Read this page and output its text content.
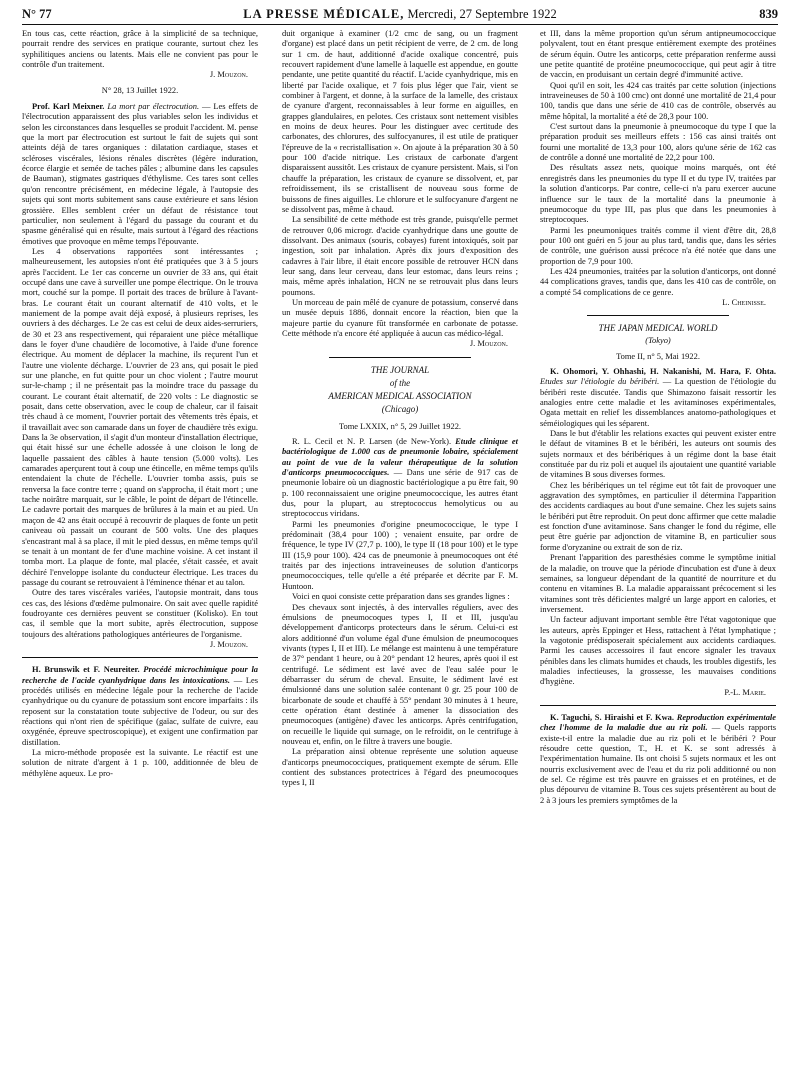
N° 77	LA PRESSE MÉDICALE, Mercredi, 27 Septembre 1922	839

En tous cas, cette réaction, grâce à la simplicité de sa technique, pourrait rendre des services en pratique courante, surtout chez les syphilitiques anciens ou latents. Mais elle ne convient pas pour le contrôle d'un traitement.

J. Mouzon.

N° 28, 13 Juillet 1922.

Prof. Karl Meixner. La mort par électrocution. — Les effets de l'électrocution apparaissent des plus variables selon les individus et selon les circonstances dans lesquelles se produit l'accident. M. pense que la mort par électrocution est surtout le fait de sujets qui sont atteints déjà de tares organiques : dilatation cardiaque, stases et scléroses viscérales, lésions rénales discrètes (légère induration, écorce élargie et semée de taches pâles ; albumine dans les capsules de Bauman), stigmates gastriques d'éthylisme. Ces tares sont celles qu'on rencontre précisément, en médecine légale, à l'autopsie des sujets qui sont morts subitement sans cause extérieure et sans lésion grossière. Elles semblent créer un défaut de résistance tout particulier, non seulement à l'égard du passage du courant et du spasme généralisé qui en résulte, mais surtout à l'égard des réactions émotives que provoque en même temps l'épouvante.

Les 4 observations rapportées sont intéressantes ; malheureusement, les autopsies n'ont été pratiquées que 3 à 5 jours après l'accident. Le 1er cas concerne un ouvrier de 33 ans, qui était occupé dans une cave à surveiller une pompe électrique. On le trouva mort, couché sur la pompe. Il portait des traces de brûlure à l'avant-bras. Le courant était un courant alternatif de 410 volts, et le maniement de la pompe avait déjà exposé, à plusieurs reprises, les ouvriers à des décharges. Le 2e cas est celui de deux aides-serruriers, de 30 et 23 ans respectivement, qui réparaient une pièce métallique dans le foyer d'une chaudière de locomotive, à l'aide d'une forence électrique. Au moment de déplacer la machine, ils reçurent l'un et l'autre une violente décharge. L'ouvrier de 23 ans, qui posait le pied sur une planche, en fut quitte pour un choc violent ; l'autre mourut sur-le-champ ; il ne présentait pas la moindre trace du passage du courant. Le courant était alternatif, de 220 volts : Le diagnostic se posait, dans cette observation, avec le coup de chaleur, car il faisait très chaud à ce moment, l'ouvrier portait des vêtements très épais, et il travaillait avec son camarade dans un foyer de chaudière très exigu. Dans la 3e observation, il s'agit d'un monteur d'installation électrique, qui était hissé sur une échelle adossée à une cloison le long de laquelle passaient des câbles à haute tension (5.000 volts). Les camarades aperçurent tout à coup une étincelle, en même temps qu'ils entendaient la chute de l'échelle. L'ouvrier tomba assis, puis se renversa la face contre terre ; quand on s'approcha, il était mort ; une tache noirâtre marquait, sur le câble, le point de départ de l'étincelle. Le cadavre portait des marques de brûlures à la main et au pied. Un maçon de 42 ans était occupé à recouvrir de plaques de fonte un petit caniveau où passait un courant de 500 volts. Une des plaques s'encastrant mal à sa place, il mit le pied dessus, en même temps qu'il se tenait à un montant de fer d'une machine voisine. A cet instant il tomba mort. La plaque de fonte, mal placée, s'était cassée, et avait déchiré l'enveloppe isolante du conducteur électrique. Les traces du passage du courant se retrouvaient à l'éminence thénar et au talon.

Outre des tares viscérales variées, l'autopsie montrait, dans tous ces cas, des lésions d'œdème pulmonaire. On sait avec quelle rapidité foudroyante ces dernières peuvent se constituer (Kolisko). En tout cas, il semble que la mort subite, après électrocution, suppose toujours des altérations pathologiques antérieures de l'organisme.

J. Mouzon.

H. Brunswik et F. Neureiter. Procédé microchimique pour la recherche de l'acide cyanhydrique dans les intoxications. — Les procédés utilisés en médecine légale pour la recherche de l'acide cyanhydrique ou du cyanure de potassium sont encore imparfaits : ils reposent sur la constatation toute subjective de l'odeur, ou sur des réactions qui n'ont rien de spécifique (gaïac, sulfate de cuivre, eau oxygénée, épreuve spectroscopique), et exigent une confirmation par distillation.

La micro-méthode proposée est la suivante. Le réactif est une solution de nitrate d'argent à 1 p. 100, additionnée de bleu de méthylène aqueux. Le pro-

duit organique à examiner (1/2 cmc de sang, ou un fragment d'organe) est placé dans un petit récipient de verre, de 2 cm. de long sur 1 cm. de haut, additionné d'acide oxalique concentré, puis recouvert rapidement d'une lamelle à laquelle est appendue, en goutte pendante, une petite quantité du réactif. L'acide cyanhydrique, mis en liberté par l'acide oxalique, et 7 fois plus léger que l'air, vient se combiner à l'argent, et donne, à la surface de la lamelle, des cristaux de cyanure d'argent, reconnaissables à leur forme en aiguilles, en grappes glandulaires, en pelotes. Ces cristaux sont nettement visibles en moins de deux heures. Pour les distinguer avec certitude des carbonates, des chlorures, des sulfocyanures, il est utile de pratiquer l'épreuve de la « recristallisation ». On ajoute à la préparation 30 à 50 pour 100 d'acide nitrique. Les cristaux de carbonate d'argent disparaissent aussitôt. Les cristaux de cyanure persistent. Mais, si l'on chauffe la préparation, les cristaux de cyanure se dissolvent, et, par refroidissement, ils se cristallisent de nouveau sous forme de buissons de fines aiguilles. Le chlorure et le sulfocyanure d'argent ne se dissolvent pas, même à chaud.

La sensibilité de cette méthode est très grande, puisqu'elle permet de retrouver 0,06 microgr. d'acide cyanhydrique dans une goutte de dissolvant. Des animaux (souris, cobayes) furent intoxiqués, soit par ingestion, soit par inhalation. Après dix jours d'exposition des cadavres à l'air libre, il était encore possible de retrouver HCN dans leur sang, dans leur cerveau, dans leur estomac, dans leurs reins ; mais, même après inhalation, HCN ne se retrouvait plus dans leurs poumons.

Un morceau de pain mêlé de cyanure de potassium, conservé dans un musée depuis 1886, donnait encore la réaction, bien que la majeure partie du cyanure fût transformée en carbonate de potasse. Cette méthode n'a encore été appliquée à aucun cas médico-légal.

J. Mouzon.

THE JOURNAL
of the
AMERICAN MEDICAL ASSOCIATION
(Chicago)

Tome LXXIX, n° 5, 29 Juillet 1922.

R. L. Cecil et N. P. Larsen (de New-York). Etude clinique et bactériologique de 1.000 cas de pneumonie lobaire, spécialement au point de vue de la valeur thérapeutique de la solution d'anticorps pneumococciques. — Dans une série de 917 cas de pneumonie lobaire où un diagnostic bactériologique a pu être fait, 90 p. 100 reconnaissaient une origine pneumococcique, les autres étant dus, pour la plupart, au streptococcus hemolyticus ou au streptococcus viridans.

Parmi les pneumonies d'origine pneumococcique, le type I prédominait (38,4 pour 100) ; venaient ensuite, par ordre de fréquence, le type IV (27,7 p. 100), le type II (18 pour 100) et le type III (15,9 pour 100). 424 cas de pneumonie à pneumocoques ont été traités par des injections intraveineuses de solution d'anticorps pneumococciques, telle qu'elle a été préparée et décrite par F. M. Huntoon.

Voici en quoi consiste cette préparation dans ses grandes lignes :

Des chevaux sont injectés, à des intervalles réguliers, avec des émulsions de pneumocoques types I, II et III, jusqu'au développement d'anticorps protecteurs dans le sérum. Celui-ci est alors additionné d'un volume égal d'une émulsion de pneumocoques vivants (types I, II et III). Le mélange est maintenu à une température de 37° pendant 1 heure, ou à 20° pendant 12 heures, après quoi il est centrifugé. Le sédiment est lavé avec de l'eau salée pour le débarrasser du sérum de cheval. Ensuite, le sédiment lavé est émulsionné dans une solution salée contenant 0 gr. 25 pour 100 de bicarbonate de soude et chauffé à 55° pendant 30 minutes à 1 heure, cette opération étant destinée à amener la dissociation des pneumocoques (antigène) d'avec les anticorps. Après centrifugation, on recueille le liquide qui surnage, on le refroidit, on le centrifuge à nouveau et, enfin, on le filtre à travers une bougie.

La préparation ainsi obtenue représente une solution aqueuse d'anticorps pneumococciques, pratiquement exempte de sérum. Elle contient des substances protectrices à l'égard des pneumocoques types I, II

et III, dans la même proportion qu'un sérum antipneumococcique polyvalent, tout en étant presque entièrement exempte des protéines de sérum équin. Outre les anticorps, cette préparation renferme aussi une petite quantité de protéine pneumococcique, qui peut agir à titre de vaccin, en produisant un certain degré d'immunité active.

Quoi qu'il en soit, les 424 cas traités par cette solution (injections intraveineuses de 50 à 100 cmc) ont donné une mortalité de 21,4 pour 100, tandis que dans une série de 410 cas de contrôle, observés au même hôpital, la mortalité a été de 28,3 pour 100.

C'est surtout dans la pneumonie à pneumocoque du type I que la préparation produit ses meilleurs effets : 156 cas ainsi traités ont fourni une mortalité de 13,3 pour 100, alors qu'une série de 162 cas de contrôle a donné une mortalité de 22,2 pour 100.

Des résultats assez nets, quoique moins marqués, ont été enregistrés dans les pneumonies du type II et du type IV, traitées par la solution d'anticorps. Par contre, celle-ci n'a paru exercer aucune influence sur le taux de la mortalité dans la pneumonie à pneumocoque du type III, pas plus que dans les pneumonies à streptocoques.

Parmi les pneumoniques traités comme il vient d'être dit, 28,8 pour 100 ont guéri en 5 jour au plus tard, tandis que, dans les séries de contrôle, une guérison aussi précoce n'a été notée que dans une proportion de 7,9 pour 100.

Les 424 pneumonies, traitées par la solution d'anticorps, ont donné 44 complications graves, tandis que, dans les 410 cas de contrôle, on a compté 54 complications de ce genre.

L. Cheinisse.

THE JAPAN MEDICAL WORLD
(Tokyo)

Tome II, n° 5, Mai 1922.

K. Ohomori, Y. Ohhashi, H. Nakanishi, M. Hara, F. Ohta. Etudes sur l'étiologie du béribéri. — La question de l'étiologie du béribéri reste discutée. Tandis que Shimazono faisait ressortir les analogies entre cette maladie et les avitaminoses expérimentales, Ogata mettait en relief les dissemblances anatomo-pathologiques et séméiologiques qui les séparent.

Dans le but d'établir les relations exactes qui peuvent exister entre le défaut de vitamines B et le béribéri, les auteurs ont soumis des sujets normaux et des béribériques à un régime dont la base était constituée par du riz poli et auquel ils ajoutaient une quantité variable de vitamines B sous diverses formes.

Chez les béribériques un tel régime eut tôt fait de provoquer une aggravation des symptômes, en particulier il détermina l'apparition des accidents cardiaques au bout d'une semaine. Chez les sujets sains le béribéri put être reproduit. On peut donc affirmer que cette maladie est fonction d'une avitaminose. Sans changer le fond du régime, elle peut être guérie par adjonction de vitamine B, en particulier sous forme d'oryzanine ou extrait de son de riz.

Prenant l'apparition des paresthésies comme le symptôme initial de la maladie, on trouve que la période d'incubation est d'une à deux semaines, sa longueur dépendant de la quantité de nourriture et du contenu en vitamines B. La maladie apparaissant précocement si les vitamines sont très déficientes malgré un large apport en calories, et inversement.

Un facteur adjuvant important semble être l'état vagotonique que les auteurs, après Eppinger et Hess, rattachent à l'état lymphatique ; la vagotonie prédisposerait spécialement aux accidents cardiaques. Parmi les causes accessoires il faut encore signaler les travaux pénibles dans les climats humides et chauds, les troubles digestifs, les maladies infectieuses, la grossesse, les mauvaises conditions d'hygiène.

P.-L. Marie.

K. Taguchi, S. Hiraishi et F. Kwa. Reproduction expérimentale chez l'homme de la maladie due au riz poli. — Quels rapports existe-t-il entre la maladie due au riz poli et le béribéri ? Pour résoudre cette question, T., H. et K. se sont adressés à l'expérimentation humaine. Ils ont choisi 5 sujets normaux et les ont nourris exclusivement avec de l'eau et du riz poli additionné ou non de sel. Ce régime est très pauvre en graisses et en protéines, et de plus dépourvu de vitamine B. Tous ces sujets présentèrent au bout de 2 à 3 jours les premiers symptômes de la
